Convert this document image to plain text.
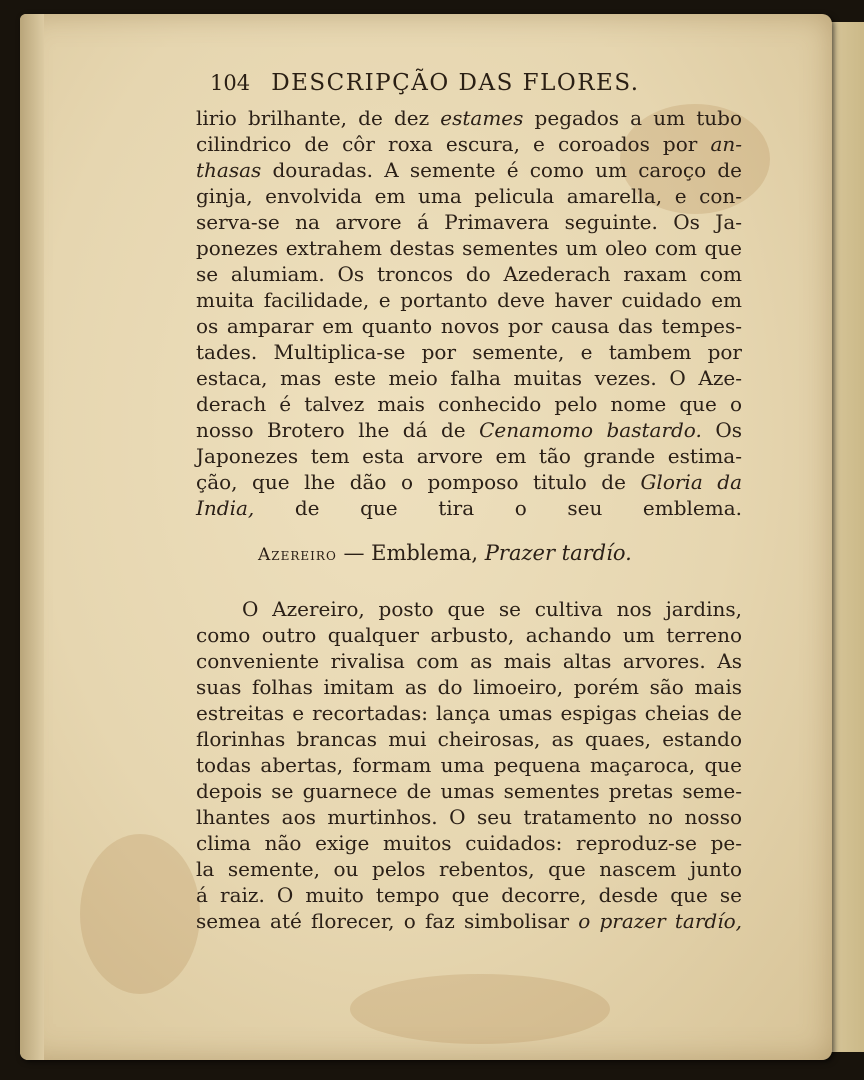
104 DESCRIPÇÃO DAS FLORES.
lirio brilhante, de dez estames pegados a um tubo
cilindrico de côr roxa escura, e coroados por an-
thasas douradas. A semente é como um caroço de
ginja, envolvida em uma pelicula amarella, e con-
serva-se na arvore á Primavera seguinte. Os Ja-
ponezes extrahem destas sementes um oleo com que
se alumiam. Os troncos do Azederach raxam com
muita facilidade, e portanto deve haver cuidado em
os amparar em quanto novos por causa das tempes-
tades. Multiplica-se por semente, e tambem por
estaca, mas este meio falha muitas vezes. O Aze-
derach é talvez mais conhecido pelo nome que o
nosso Brotero lhe dá de Cenamomo bastardo. Os
Japonezes tem esta arvore em tão grande estima-
ção, que lhe dão o pomposo titulo de Gloria da
India, de que tira o seu emblema.
Azereiro — Emblema, Prazer tardío.
O Azereiro, posto que se cultiva nos jardins,
como outro qualquer arbusto, achando um terreno
conveniente rivalisa com as mais altas arvores. As
suas folhas imitam as do limoeiro, porém são mais
estreitas e recortadas: lança umas espigas cheias de
florinhas brancas mui cheirosas, as quaes, estando
todas abertas, formam uma pequena maçaroca, que
depois se guarnece de umas sementes pretas seme-
lhantes aos murtinhos. O seu tratamento no nosso
clima não exige muitos cuidados: reproduz-se pe-
la semente, ou pelos rebentos, que nascem junto
á raiz. O muito tempo que decorre, desde que se
semea até florecer, o faz simbolisar o prazer tardío,
